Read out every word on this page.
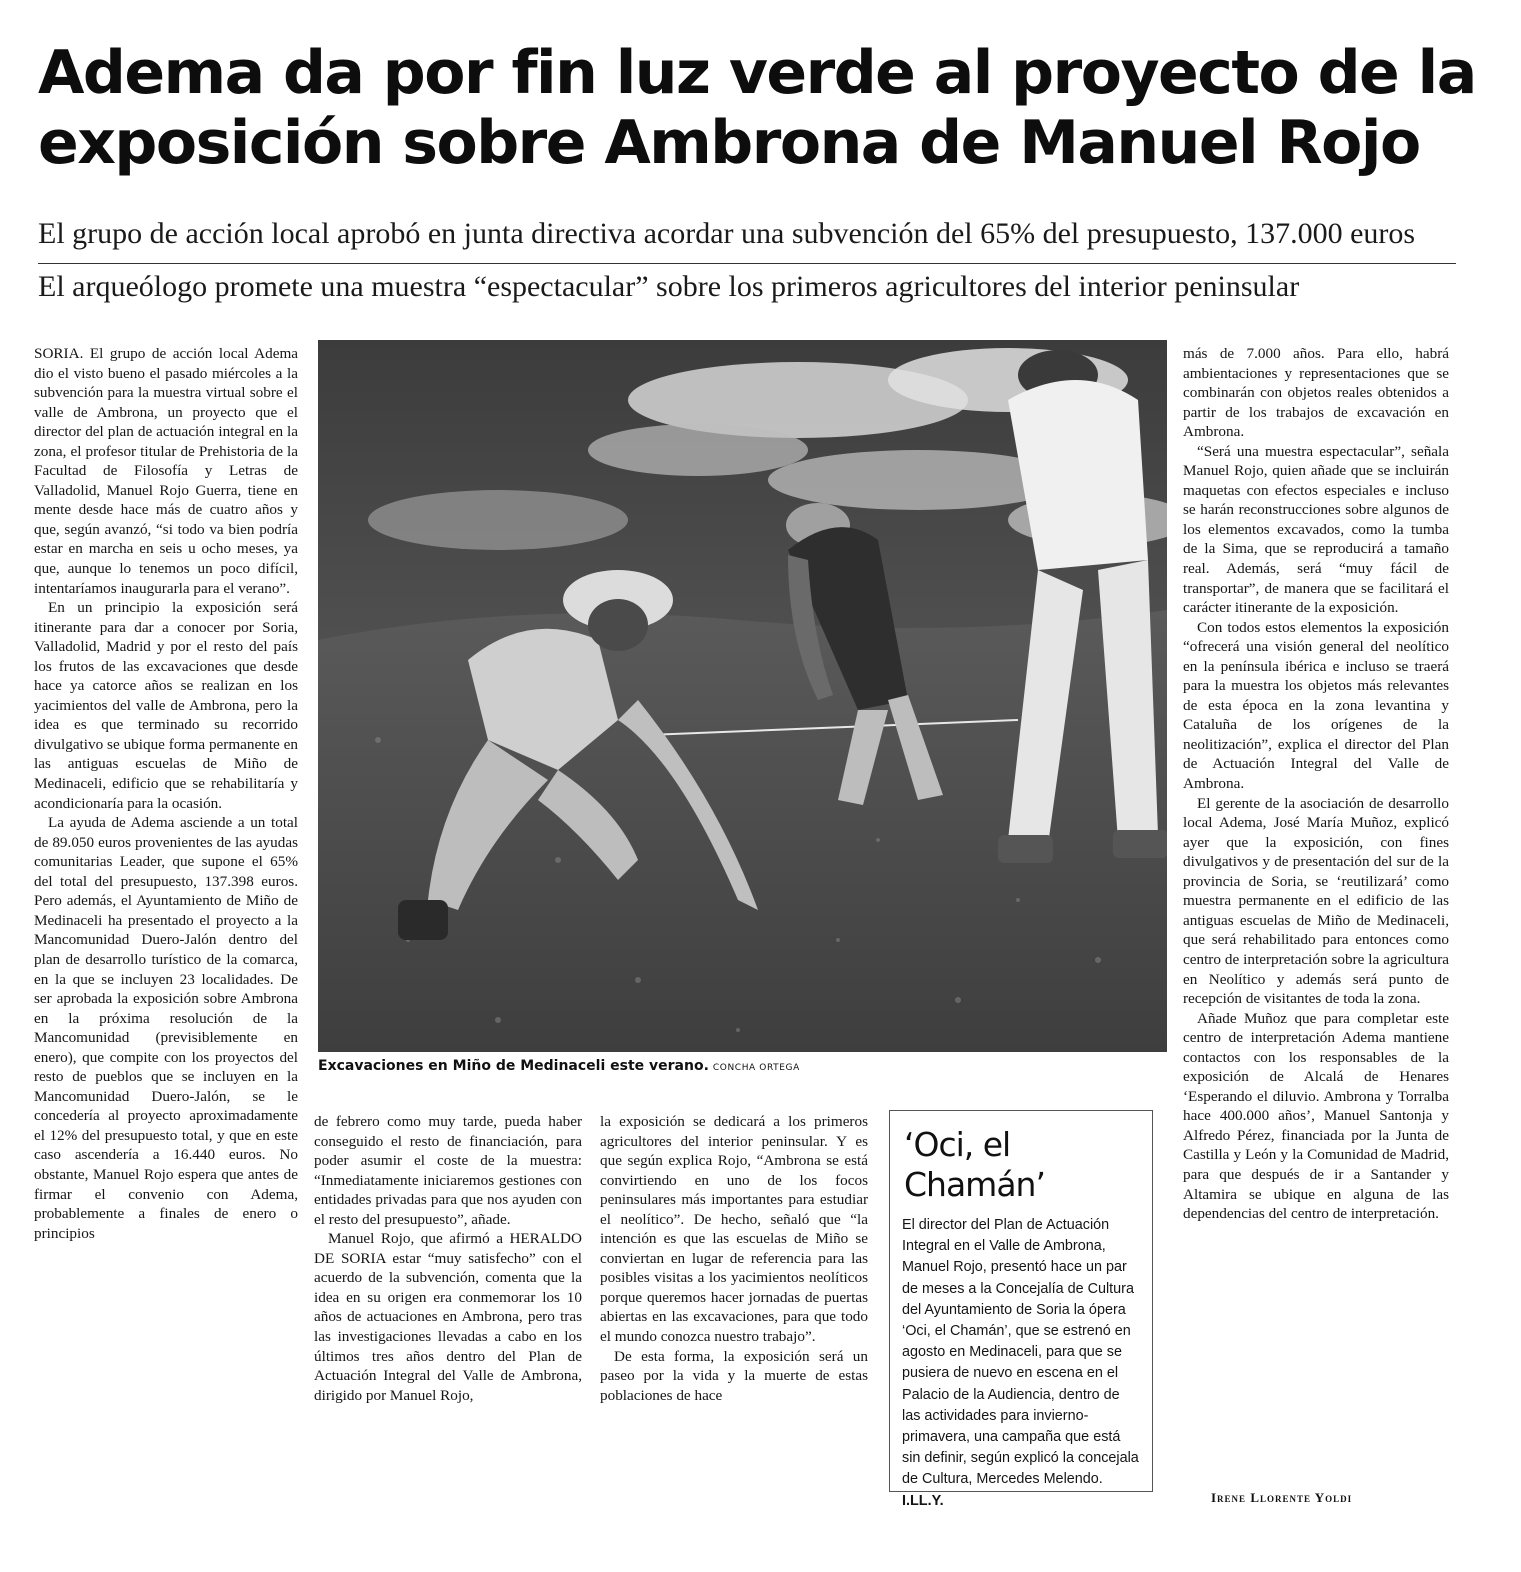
Adema da por fin luz verde al proyecto de la exposición sobre Ambrona de Manuel Rojo
El grupo de acción local aprobó en junta directiva acordar una subvención del 65% del presupuesto, 137.000 euros
El arqueólogo promete una muestra “espectacular” sobre los primeros agricultores del interior peninsular

SORIA. El grupo de acción local Adema dio el visto bueno el pasado miércoles a la subvención para la muestra virtual sobre el valle de Ambrona, un proyecto que el director del plan de actuación integral en la zona, el profesor titular de Prehistoria de la Facultad de Filosofía y Letras de Valladolid, Manuel Rojo Guerra, tiene en mente desde hace más de cuatro años y que, según avanzó, “si todo va bien podría estar en marcha en seis u ocho meses, ya que, aunque lo tenemos un poco difícil, intentaríamos inaugurarla para el verano”.

En un principio la exposición será itinerante para dar a conocer por Soria, Valladolid, Madrid y por el resto del país los frutos de las excavaciones que desde hace ya catorce años se realizan en los yacimientos del valle de Ambrona, pero la idea es que terminado su recorrido divulgativo se ubique forma permanente en las antiguas escuelas de Miño de Medinaceli, edificio que se rehabilitaría y acondicionaría para la ocasión.

La ayuda de Adema asciende a un total de 89.050 euros provenientes de las ayudas comunitarias Leader, que supone el 65% del total del presupuesto, 137.398 euros. Pero además, el Ayuntamiento de Miño de Medinaceli ha presentado el proyecto a la Mancomunidad Duero-Jalón dentro del plan de desarrollo turístico de la comarca, en la que se incluyen 23 localidades. De ser aprobada la exposición sobre Ambrona en la próxima resolución de la Mancomunidad (previsiblemente en enero), que compite con los proyectos del resto de pueblos que se incluyen en la Mancomunidad Duero-Jalón, se le concedería al proyecto aproximadamente el 12% del presupuesto total, y que en este caso ascendería a 16.440 euros. No obstante, Manuel Rojo espera que antes de firmar el convenio con Adema, probablemente a finales de enero o principios

Excavaciones en Miño de Medinaceli este verano. CONCHA ORTEGA

de febrero como muy tarde, pueda haber conseguido el resto de financiación, para poder asumir el coste de la muestra: “Inmediatamente iniciaremos gestiones con entidades privadas para que nos ayuden con el resto del presupuesto”, añade.

Manuel Rojo, que afirmó a HERALDO DE SORIA estar “muy satisfecho” con el acuerdo de la subvención, comenta que la idea en su origen era conmemorar los 10 años de actuaciones en Ambrona, pero tras las investigaciones llevadas a cabo en los últimos tres años dentro del Plan de Actuación Integral del Valle de Ambrona, dirigido por Manuel Rojo,

la exposición se dedicará a los primeros agricultores del interior peninsular. Y es que según explica Rojo, “Ambrona se está convirtiendo en uno de los focos peninsulares más importantes para estudiar el neolítico”. De hecho, señaló que “la intención es que las escuelas de Miño se conviertan en lugar de referencia para las posibles visitas a los yacimientos neolíticos porque queremos hacer jornadas de puertas abiertas en las excavaciones, para que todo el mundo conozca nuestro trabajo”.

De esta forma, la exposición será un paseo por la vida y la muerte de estas poblaciones de hace

‘Oci, el Chamán’
El director del Plan de Actuación Integral en el Valle de Ambrona, Manuel Rojo, presentó hace un par de meses a la Concejalía de Cultura del Ayuntamiento de Soria la ópera ‘Oci, el Chamán’, que se estrenó en agosto en Medinaceli, para que se pusiera de nuevo en escena en el Palacio de la Audiencia, dentro de las actividades para invierno-primavera, una campaña que está sin definir, según explicó la concejala de Cultura, Mercedes Melendo. I.LL.Y.

más de 7.000 años. Para ello, habrá ambientaciones y representaciones que se combinarán con objetos reales obtenidos a partir de los trabajos de excavación en Ambrona.

“Será una muestra espectacular”, señala Manuel Rojo, quien añade que se incluirán maquetas con efectos especiales e incluso se harán reconstrucciones sobre algunos de los elementos excavados, como la tumba de la Sima, que se reproducirá a tamaño real. Además, será “muy fácil de transportar”, de manera que se facilitará el carácter itinerante de la exposición.

Con todos estos elementos la exposición “ofrecerá una visión general del neolítico en la península ibérica e incluso se traerá para la muestra los objetos más relevantes de esta época en la zona levantina y Cataluña de los orígenes de la neolitización”, explica el director del Plan de Actuación Integral del Valle de Ambrona.

El gerente de la asociación de desarrollo local Adema, José María Muñoz, explicó ayer que la exposición, con fines divulgativos y de presentación del sur de la provincia de Soria, se ‘reutilizará’ como muestra permanente en el edificio de las antiguas escuelas de Miño de Medinaceli, que será rehabilitado para entonces como centro de interpretación sobre la agricultura en Neolítico y además será punto de recepción de visitantes de toda la zona.

Añade Muñoz que para completar este centro de interpretación Adema mantiene contactos con los responsables de la exposición de Alcalá de Henares ‘Esperando el diluvio. Ambrona y Torralba hace 400.000 años’, Manuel Santonja y Alfredo Pérez, financiada por la Junta de Castilla y León y la Comunidad de Madrid, para que después de ir a Santander y Altamira se ubique en alguna de las dependencias del centro de interpretación.

Irene Llorente Yoldi
